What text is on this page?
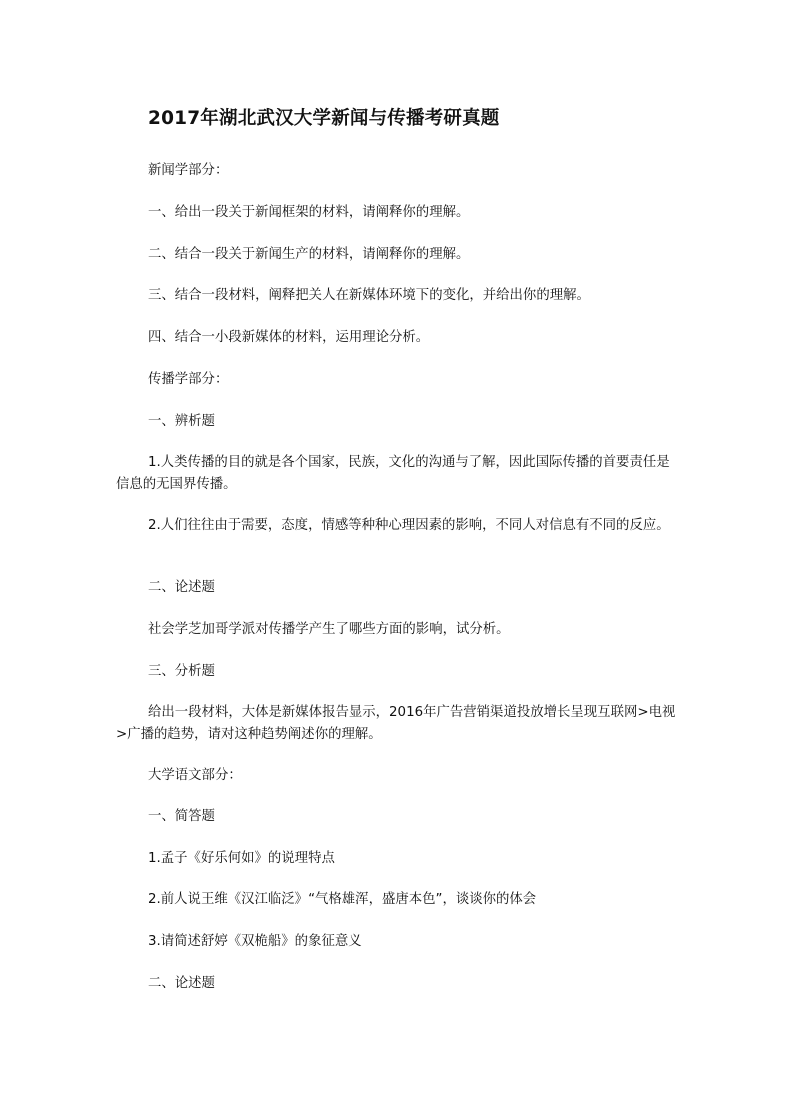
2017年湖北武汉大学新闻与传播考研真题

新闻学部分：

一、给出一段关于新闻框架的材料，请阐释你的理解。

二、结合一段关于新闻生产的材料，请阐释你的理解。

三、结合一段材料，阐释把关人在新媒体环境下的变化，并给出你的理解。

四、结合一小段新媒体的材料，运用理论分析。

传播学部分：

一、辨析题

1.人类传播的目的就是各个国家，民族，文化的沟通与了解，因此国际传播的首要责任是信息的无国界传播。

2.人们往往由于需要，态度，情感等种种心理因素的影响，不同人对信息有不同的反应。

二、论述题

社会学芝加哥学派对传播学产生了哪些方面的影响，试分析。

三、分析题

给出一段材料，大体是新媒体报告显示，2016年广告营销渠道投放增长呈现互联网>电视>广播的趋势，请对这种趋势阐述你的理解。

大学语文部分：

一、简答题

1.孟子《好乐何如》的说理特点

2.前人说王维《汉江临泛》“气格雄浑，盛唐本色”，谈谈你的体会

3.请简述舒婷《双桅船》的象征意义

二、论述题
